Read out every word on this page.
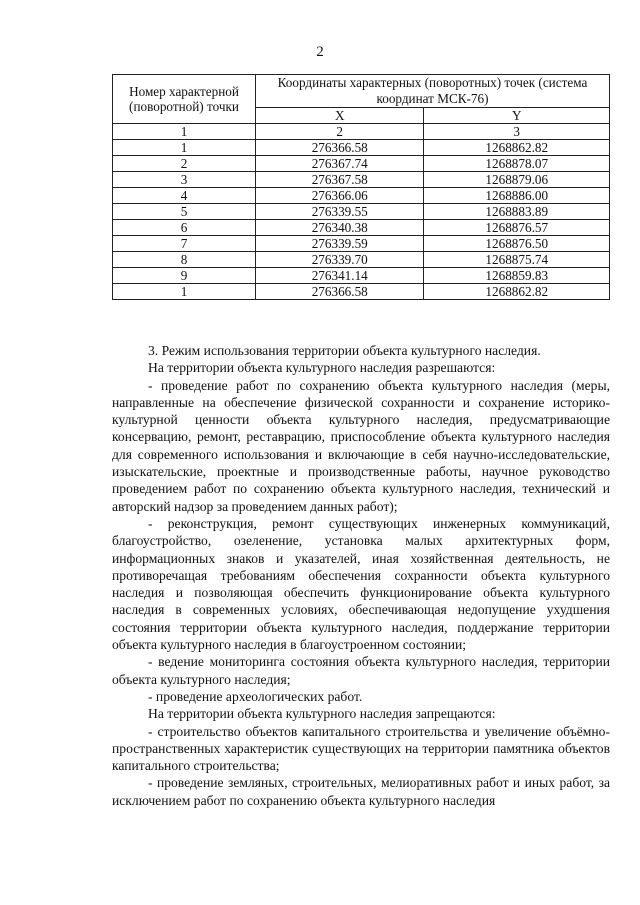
2
Номер характерной (поворотной) точки	Координаты характерных (поворотных) точек (система координат МСК-76)	
	X	Y
1	2	3
1	276366.58	1268862.82
2	276367.74	1268878.07
3	276367.58	1268879.06
4	276366.06	1268886.00
5	276339.55	1268883.89
6	276340.38	1268876.57
7	276339.59	1268876.50
8	276339.70	1268875.74
9	276341.14	1268859.83
1	276366.58	1268862.82

3. Режим использования территории объекта культурного наследия.

На территории объекта культурного наследия разрешаются:

- проведение работ по сохранению объекта культурного наследия (меры, направленные на обеспечение физической сохранности и сохранение историко-культурной ценности объекта культурного наследия, предусматривающие консервацию, ремонт, реставрацию, приспособление объекта культурного наследия для современного использования и включающие в себя научно-исследовательские, изыскательские, проектные и производственные работы, научное руководство проведением работ по сохранению объекта культурного наследия, технический и авторский надзор за проведением данных работ);

- реконструкция, ремонт существующих инженерных коммуникаций, благоустройство, озеленение, установка малых архитектурных форм, информационных знаков и указателей, иная хозяйственная деятельность, не противоречащая требованиям обеспечения сохранности объекта культурного наследия и позволяющая обеспечить функционирование объекта культурного наследия в современных условиях, обеспечивающая недопущение ухудшения состояния территории объекта культурного наследия, поддержание территории объекта культурного наследия в благоустроенном состоянии;

- ведение мониторинга состояния объекта культурного наследия, территории объекта культурного наследия;

- проведение археологических работ.

На территории объекта культурного наследия запрещаются:

- строительство объектов капитального строительства и увеличение объёмно-пространственных характеристик существующих на территории памятника объектов капитального строительства;

- проведение земляных, строительных, мелиоративных работ и иных работ, за исключением работ по сохранению объекта культурного наследия
